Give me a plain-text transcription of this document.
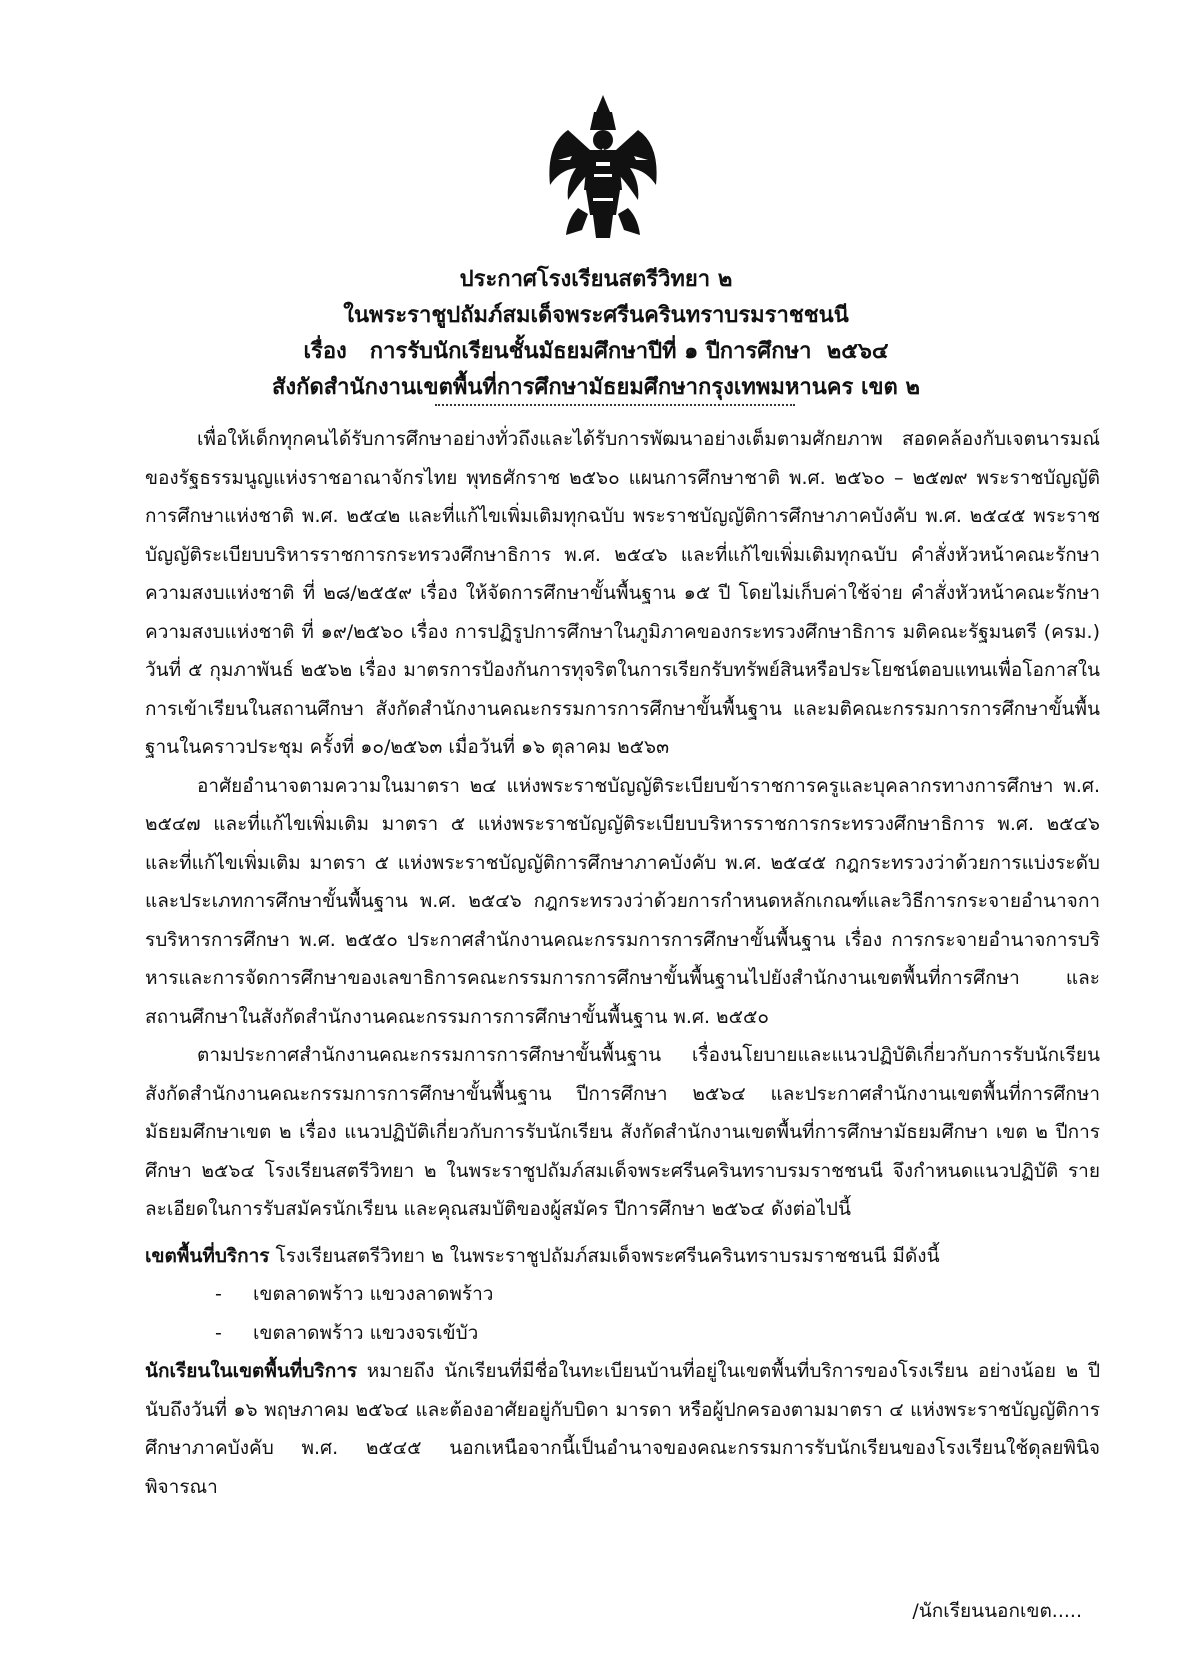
ประกาศโรงเรียนสตรีวิทยา ๒
ในพระราชูปถัมภ์สมเด็จพระศรีนครินทราบรมราชชนนี
เรื่อง   การรับนักเรียนชั้นมัธยมศึกษาปีที่ ๑ ปีการศึกษา  ๒๕๖๔
สังกัดสำนักงานเขตพื้นที่การศึกษามัธยมศึกษากรุงเทพมหานคร เขต ๒

เพื่อให้เด็กทุกคนได้รับการศึกษาอย่างทั่วถึงและได้รับการพัฒนาอย่างเต็มตามศักยภาพ สอดคล้องกับเจตนารมณ์ของรัฐธรรมนูญแห่งราชอาณาจักรไทย พุทธศักราช ๒๕๖๐ แผนการศึกษาชาติ พ.ศ. ๒๕๖๐ – ๒๕๗๙ พระราชบัญญัติการศึกษาแห่งชาติ พ.ศ. ๒๕๔๒ และที่แก้ไขเพิ่มเติมทุกฉบับ พระราชบัญญัติการศึกษาภาคบังคับ พ.ศ. ๒๕๔๕ พระราชบัญญัติระเบียบบริหารราชการกระทรวงศึกษาธิการ พ.ศ. ๒๕๔๖ และที่แก้ไขเพิ่มเติมทุกฉบับ คำสั่งหัวหน้าคณะรักษาความสงบแห่งชาติ ที่ ๒๘/๒๕๕๙ เรื่อง ให้จัดการศึกษาขั้นพื้นฐาน ๑๕ ปี โดยไม่เก็บค่าใช้จ่าย คำสั่งหัวหน้าคณะรักษาความสงบแห่งชาติ ที่ ๑๙/๒๕๖๐ เรื่อง การปฏิรูปการศึกษาในภูมิภาคของกระทรวงศึกษาธิการ มติคณะรัฐมนตรี (ครม.) วันที่ ๕ กุมภาพันธ์ ๒๕๖๒ เรื่อง มาตรการป้องกันการทุจริตในการเรียกรับทรัพย์สินหรือประโยชน์ตอบแทนเพื่อโอกาสในการเข้าเรียนในสถานศึกษา สังกัดสำนักงานคณะกรรมการการศึกษาขั้นพื้นฐาน และมติคณะกรรมการการศึกษาขั้นพื้นฐานในคราวประชุม ครั้งที่ ๑๐/๒๕๖๓ เมื่อวันที่ ๑๖ ตุลาคม ๒๕๖๓

อาศัยอำนาจตามความในมาตรา ๒๔ แห่งพระราชบัญญัติระเบียบข้าราชการครูและบุคลากรทางการศึกษา พ.ศ. ๒๕๔๗ และที่แก้ไขเพิ่มเติม มาตรา ๕ แห่งพระราชบัญญัติระเบียบบริหารราชการกระทรวงศึกษาธิการ พ.ศ. ๒๕๔๖ และที่แก้ไขเพิ่มเติม มาตรา ๕ แห่งพระราชบัญญัติการศึกษาภาคบังคับ พ.ศ. ๒๕๔๕ กฎกระทรวงว่าด้วยการแบ่งระดับและประเภทการศึกษาขั้นพื้นฐาน พ.ศ. ๒๕๔๖ กฎกระทรวงว่าด้วยการกำหนดหลักเกณฑ์และวิธีการกระจายอำนาจการบริหารการศึกษา พ.ศ. ๒๕๕๐ ประกาศสำนักงานคณะกรรมการการศึกษาขั้นพื้นฐาน เรื่อง การกระจายอำนาจการบริหารและการจัดการศึกษาของเลขาธิการคณะกรรมการการศึกษาขั้นพื้นฐานไปยังสำนักงานเขตพื้นที่การศึกษา และสถานศึกษาในสังกัดสำนักงานคณะกรรมการการศึกษาขั้นพื้นฐาน พ.ศ. ๒๕๕๐

ตามประกาศสำนักงานคณะกรรมการการศึกษาขั้นพื้นฐาน เรื่องนโยบายและแนวปฏิบัติเกี่ยวกับการรับนักเรียน สังกัดสำนักงานคณะกรรมการการศึกษาขั้นพื้นฐาน ปีการศึกษา ๒๕๖๔ และประกาศสำนักงานเขตพื้นที่การศึกษามัธยมศึกษาเขต ๒ เรื่อง แนวปฏิบัติเกี่ยวกับการรับนักเรียน สังกัดสำนักงานเขตพื้นที่การศึกษามัธยมศึกษา เขต ๒ ปีการศึกษา ๒๕๖๔ โรงเรียนสตรีวิทยา ๒ ในพระราชูปถัมภ์สมเด็จพระศรีนครินทราบรมราชชนนี จึงกำหนดแนวปฏิบัติ รายละเอียดในการรับสมัครนักเรียน และคุณสมบัติของผู้สมัคร ปีการศึกษา ๒๕๖๔ ดังต่อไปนี้

เขตพื้นที่บริการ โรงเรียนสตรีวิทยา ๒ ในพระราชูปถัมภ์สมเด็จพระศรีนครินทราบรมราชชนนี มีดังนี้

- เขตลาดพร้าว แขวงลาดพร้าว

- เขตลาดพร้าว แขวงจรเข้บัว

นักเรียนในเขตพื้นที่บริการ หมายถึง นักเรียนที่มีชื่อในทะเบียนบ้านที่อยู่ในเขตพื้นที่บริการของโรงเรียน อย่างน้อย ๒ ปี นับถึงวันที่ ๑๖ พฤษภาคม ๒๕๖๔ และต้องอาศัยอยู่กับบิดา มารดา หรือผู้ปกครองตามมาตรา ๔ แห่งพระราชบัญญัติการศึกษาภาคบังคับ พ.ศ. ๒๕๔๕ นอกเหนือจากนี้เป็นอำนาจของคณะกรรมการรับนักเรียนของโรงเรียนใช้ดุลยพินิจพิจารณา

/นักเรียนนอกเขต.....
